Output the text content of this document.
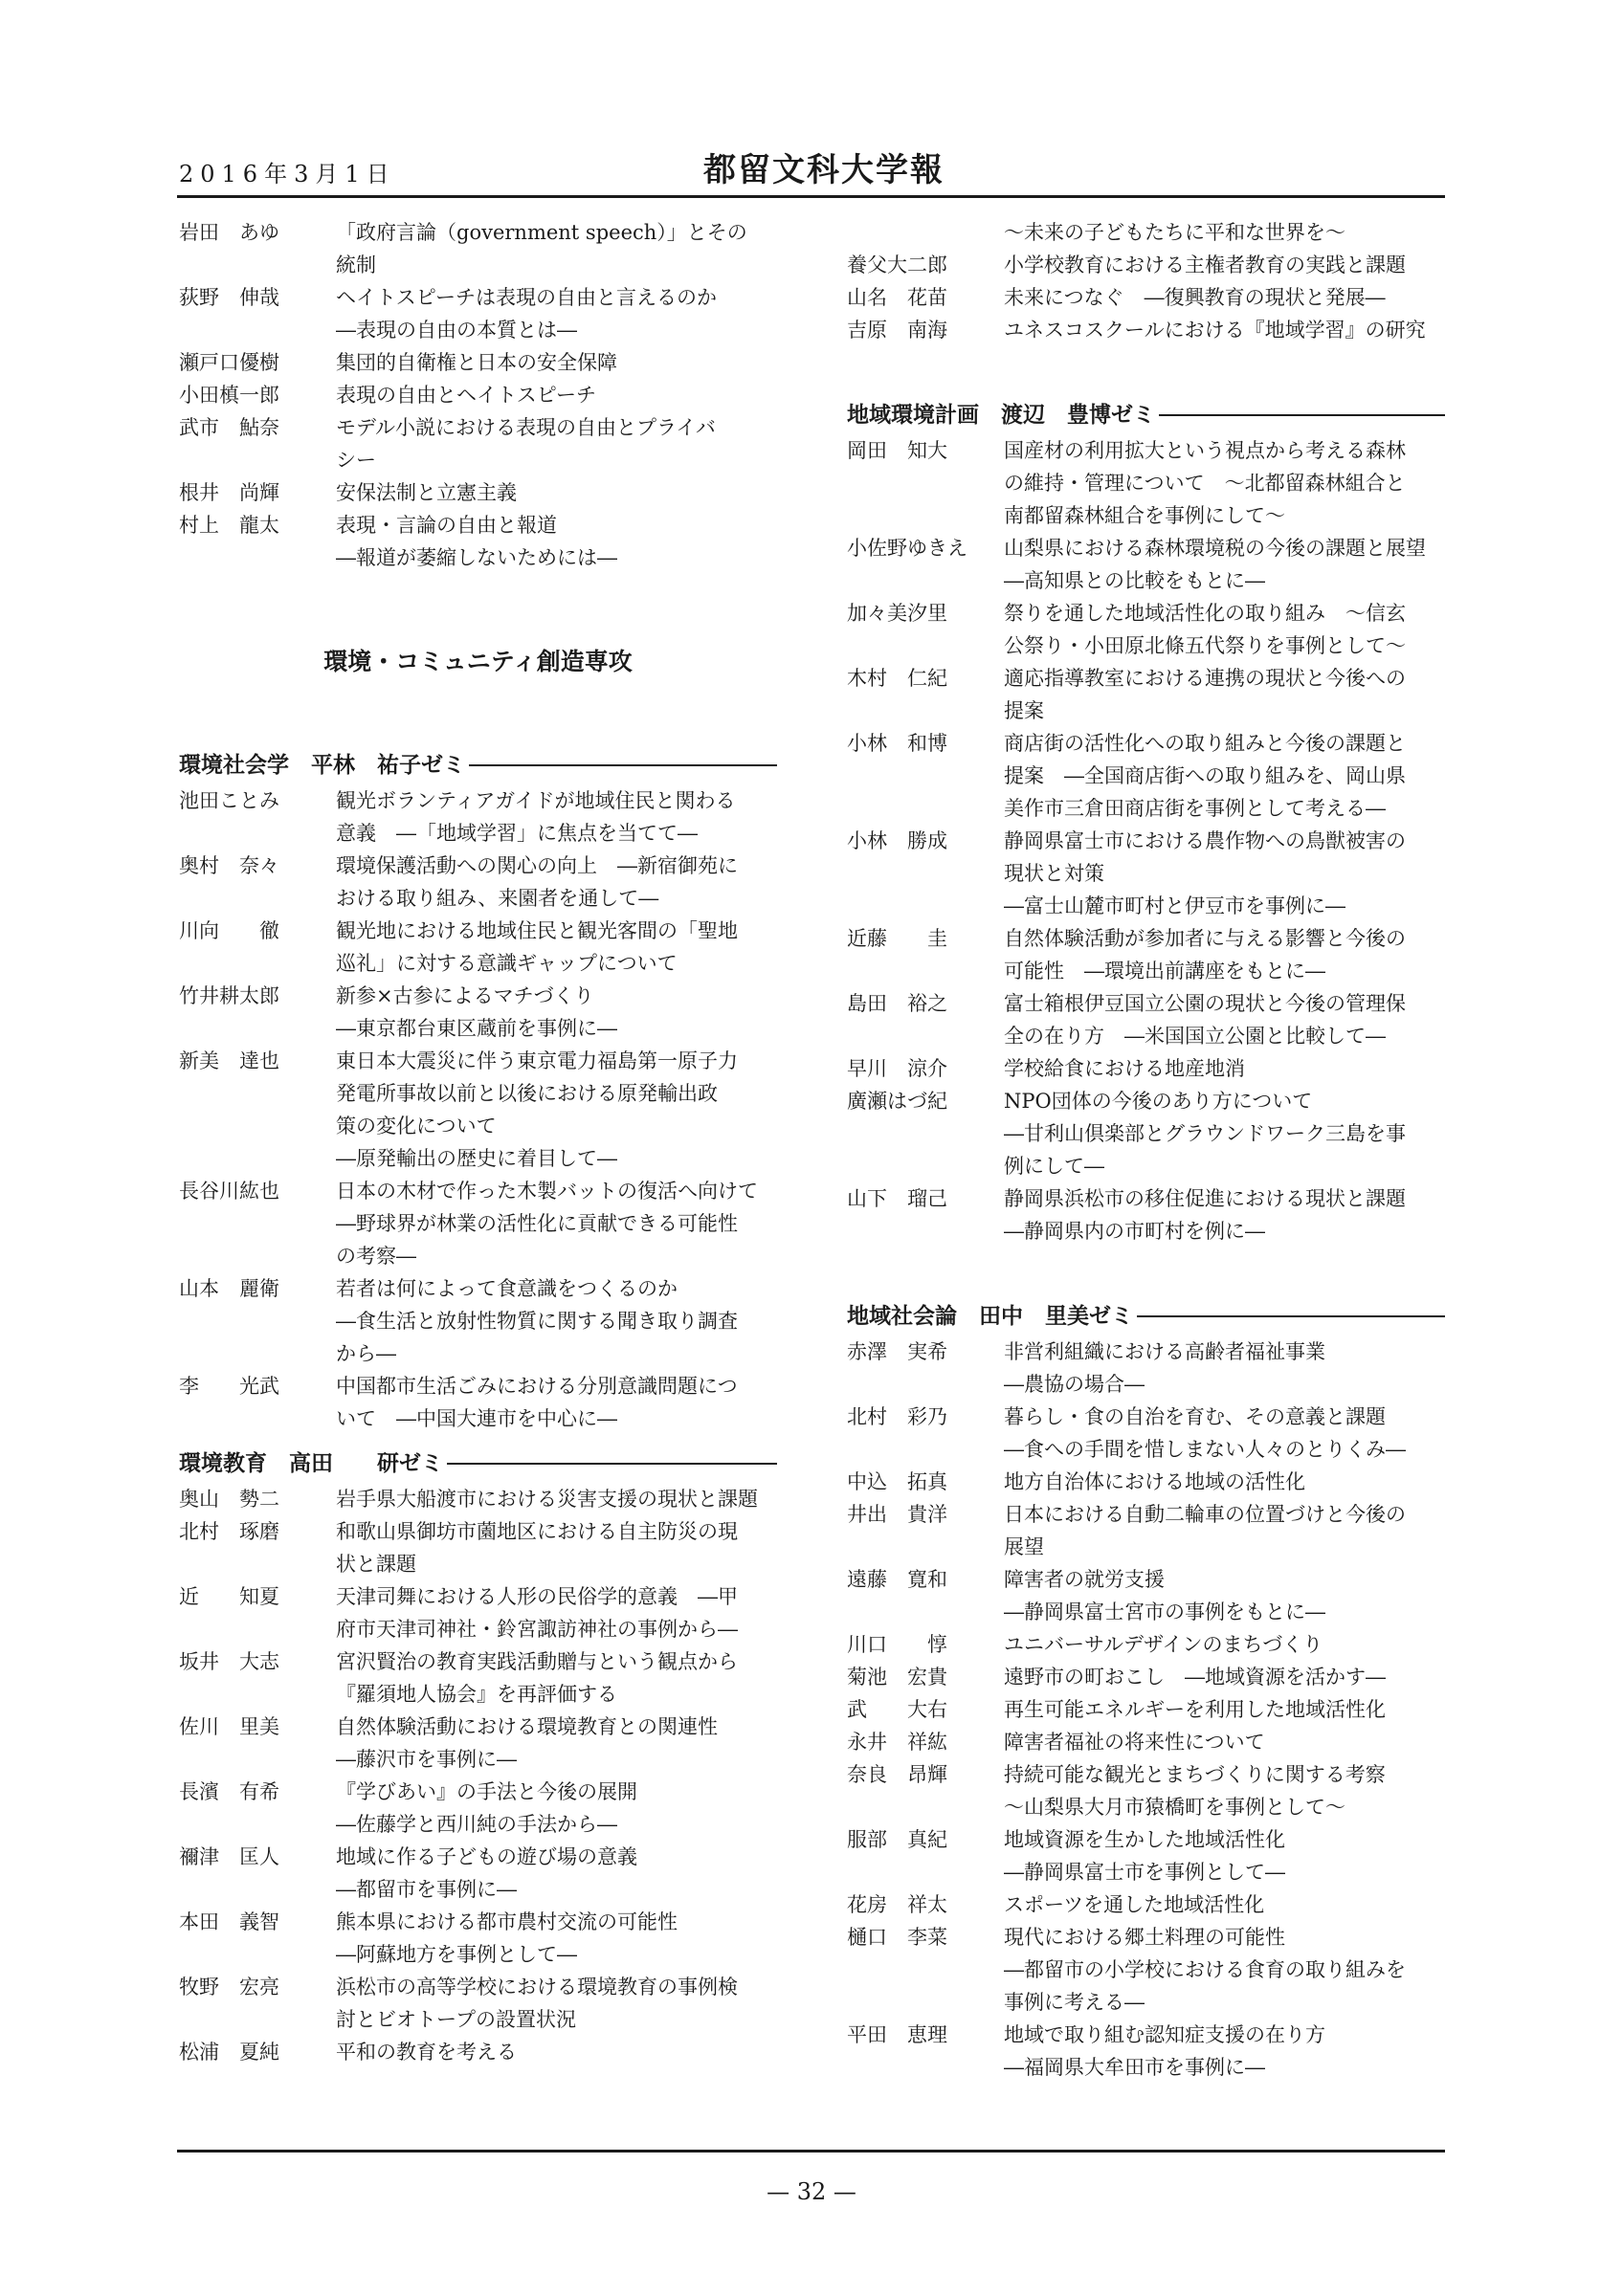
2016年3月1日	都留文科大学報
岩田　あゆ	「政府言論（government speech）」とその
統制
荻野　伸哉	ヘイトスピーチは表現の自由と言えるのか
―表現の自由の本質とは―
瀬戸口優樹	集団的自衛権と日本の安全保障
小田槙一郎	表現の自由とヘイトスピーチ
武市　鮎奈	モデル小説における表現の自由とプライバ
シー
根井　尚輝	安保法制と立憲主義
村上　龍太	表現・言論の自由と報道
―報道が萎縮しないためには―
環境・コミュニティ創造専攻
環境社会学　平林　祐子ゼミ
池田ことみ	観光ボランティアガイドが地域住民と関わる
意義　―「地域学習」に焦点を当てて―
奥村　奈々	環境保護活動への関心の向上　―新宿御苑に
おける取り組み、来園者を通して―
川向　　徹	観光地における地域住民と観光客間の「聖地
巡礼」に対する意識ギャップについて
竹井耕太郎	新参×古参によるマチづくり
―東京都台東区蔵前を事例に―
新美　達也	東日本大震災に伴う東京電力福島第一原子力
発電所事故以前と以後における原発輸出政
策の変化について
―原発輸出の歴史に着目して―
長谷川紘也	日本の木材で作った木製バットの復活へ向けて
―野球界が林業の活性化に貢献できる可能性
の考察―
山本　麗衛	若者は何によって食意識をつくるのか
―食生活と放射性物質に関する聞き取り調査
から―
李　　光武	中国都市生活ごみにおける分別意識問題につ
いて　―中国大連市を中心に―
環境教育　高田　　研ゼミ
奥山　勢二	岩手県大船渡市における災害支援の現状と課題
北村　琢磨	和歌山県御坊市薗地区における自主防災の現
状と課題
近　　知夏	天津司舞における人形の民俗学的意義　―甲
府市天津司神社・鈴宮諏訪神社の事例から―
坂井　大志	宮沢賢治の教育実践活動贈与という観点から
『羅須地人協会』を再評価する
佐川　里美	自然体験活動における環境教育との関連性
―藤沢市を事例に―
長濱　有希	『学びあい』の手法と今後の展開
―佐藤学と西川純の手法から―
禰津　匡人	地域に作る子どもの遊び場の意義
―都留市を事例に―
本田　義智	熊本県における都市農村交流の可能性
―阿蘇地方を事例として―
牧野　宏亮	浜松市の高等学校における環境教育の事例検
討とビオトープの設置状況
松浦　夏純	平和の教育を考える
～未来の子どもたちに平和な世界を～
養父大二郎	小学校教育における主権者教育の実践と課題
山名　花苗	未来につなぐ　―復興教育の現状と発展―
吉原　南海	ユネスコスクールにおける『地域学習』の研究
地域環境計画　渡辺　豊博ゼミ
岡田　知大	国産材の利用拡大という視点から考える森林
の維持・管理について　～北都留森林組合と
南都留森林組合を事例にして～
小佐野ゆきえ	山梨県における森林環境税の今後の課題と展望
―高知県との比較をもとに―
加々美汐里	祭りを通した地域活性化の取り組み　～信玄
公祭り・小田原北條五代祭りを事例として～
木村　仁紀	適応指導教室における連携の現状と今後への
提案
小林　和博	商店街の活性化への取り組みと今後の課題と
提案　―全国商店街への取り組みを、岡山県
美作市三倉田商店街を事例として考える―
小林　勝成	静岡県富士市における農作物への鳥獣被害の
現状と対策
―富士山麓市町村と伊豆市を事例に―
近藤　　圭	自然体験活動が参加者に与える影響と今後の
可能性　―環境出前講座をもとに―
島田　裕之	富士箱根伊豆国立公園の現状と今後の管理保
全の在り方　―米国国立公園と比較して―
早川　涼介	学校給食における地産地消
廣瀬はづ紀	NPO団体の今後のあり方について
―甘利山倶楽部とグラウンドワーク三島を事
例にして―
山下　瑠己	静岡県浜松市の移住促進における現状と課題
―静岡県内の市町村を例に―
地域社会論　田中　里美ゼミ
赤澤　実希	非営利組織における高齢者福祉事業
―農協の場合―
北村　彩乃	暮らし・食の自治を育む、その意義と課題
―食への手間を惜しまない人々のとりくみ―
中込　拓真	地方自治体における地域の活性化
井出　貴洋	日本における自動二輪車の位置づけと今後の
展望
遠藤　寛和	障害者の就労支援
―静岡県富士宮市の事例をもとに―
川口　　惇	ユニバーサルデザインのまちづくり
菊池　宏貴	遠野市の町おこし　―地域資源を活かす―
武　　大右	再生可能エネルギーを利用した地域活性化
永井　祥紘	障害者福祉の将来性について
奈良　昂輝	持続可能な観光とまちづくりに関する考察
～山梨県大月市猿橋町を事例として～
服部　真紀	地域資源を生かした地域活性化
―静岡県富士市を事例として―
花房　祥太	スポーツを通した地域活性化
樋口　李菜	現代における郷土料理の可能性
―都留市の小学校における食育の取り組みを
事例に考える―
平田　恵理	地域で取り組む認知症支援の在り方
―福岡県大牟田市を事例に―
— 32 —
